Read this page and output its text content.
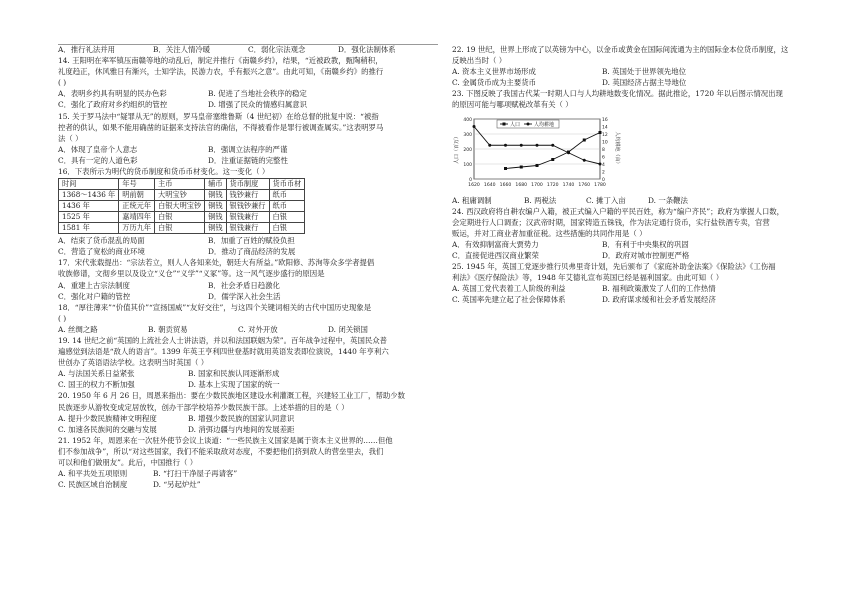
A．推行礼法并用	B．关注人情冷暖	C．弱化宗法观念	D．强化法制体系
14. 王阳明在率军镇压南赣等地的动乱后，制定并推行《南赣乡约》，结果，“近被政教，甄陶稍积，
礼度趋正，休风雅日有渐兴，士知学法，民游力农，乎有振兴之意”。由此可知，《南赣乡约》的推行
( )
A．表明乡约具有明显的民办色彩	B. 促进了当地社会秩序的稳定
C．强化了政府对乡约组织的管控	D. 增强了民众的情感归属意识
15. 关于罗马法中“疑罪从无”的原则，罗马皇帝塞维鲁斯（4 世纪初）在给总督的批复中说：“被指
控者的供认，如果不能用确凿的证据来支持法官的确信，不得被看作是罪行被调查属实。”这表明罗马
法（ ）
A．体现了皇帝个人意志	B．强调立法程序的严谨
C．具有一定的人道色彩	D．注重证据链的完整性
16．下表所示为明代的货币制度和货币币材变化。这一变化（ ）
时间	年号	主币	辅币	货币制度	货币币材
1368～1436 年	明前朝	大明宝钞	铜钱	钱钞兼行	纸币
1436 年	正统元年	白银大明宝钞	铜钱	银钱钞兼行	纸币
1525 年	嘉靖四年	白银	铜钱	银钱兼行	白银
1581 年	万历九年	白银	铜钱	银钱兼行	白银
A．结束了货币混乱的局面	B．加重了百姓的赋役负担
C．营造了宽松的商业环境	D．推动了商品经济的发展
17．宋代张载提出：“宗法若立，则人人各知来处，朝廷大有所益。”欧阳修、苏洵等众多学者提倡
收族修谱，文彻乡里以及设立“义仓”“义学”“义冢”等。这一风气逐步盛行的原因是
A．重建上古宗法制度	B．社会矛盾日趋激化
C．强化对户籍的管控	D．儒学深入社会生活
18．“厚往薄来”“价值其价”“宣扬国威”“友好交往”，与这四个关键词相关的古代中国历史现象是
( )
A. 丝绸之路	B. 朝贡贸易	C. 对外开放	D. 闭关锁国
19. 14 世纪之前“英国的上流社会人士讲法语，并以和法国联姻为荣”。百年战争过程中，英国民众普
遍感觉到法语是“敌人的语言”。1399 年英王亨利四世登基时就用英语发表即位演说，1440 年亨利六
世创办了英语语法学校。这表明当时英国（ ）
A. 与法国关系日益紧张	B. 国家和民族认同逐渐形成
C. 国王的权力不断加强	D. 基本上实现了国家的统一
20. 1950 年 6 月 26 日，周恩来指出：要在少数民族地区建设水利灌溉工程，兴建轻工业工厂，帮助少数
民族逐步从游牧变成定居放牧，创办干部学校培养少数民族干部。上述举措的目的是（ ）
A. 提升少数民族精神文明程度	B. 增强少数民族的国家认同意识
C. 加速各民族间的交融与发展	D. 消弭边疆与内地间的发展差距
21. 1952 年，周恩来在一次驻外使节会议上谈道：“一些民族主义国家是属于资本主义世界的……但他
们不参加战争”，所以“对这些国家，我们不能采取敌对态度，不要把他们挤到敌人的营垒里去，我们
可以和他们做朋友”。此后，中国推行（ ）
A. 和平共处五项原则	B. “打扫干净屋子再请客”
C. 民族区域自治制度	D. “另起炉灶”
22. 19 世纪，世界上形成了以英镑为中心，以金币或黄金在国际间流通为主的国际金本位货币制度，这
反映出当时（ ）
A. 资本主义世界市场形成	B. 英国处于世界领先地位
C. 金属货币成为主要货币	D. 英国经济占据主导地位
23. 下图反映了我国古代某一时期人口与人均耕地数变化情况。据此推论，1720 年以后图示情况出现
的原因可能与哪项赋税改革有关（ ）
0
100
200
300
400
0
2
4
6
8
10
12
14
16
1620 1640 1660 1680 1700 1720 1740 1760 1780
人口（百万）	人均耕地（亩）
人口	人均耕地
A. 租庸调制	B. 两税法	C. 摊丁入亩	D. 一条鞭法
24. 西汉政府将自耕农编户入籍，被正式编入户籍的平民百姓，称为“编户齐民”；政府为掌握人口数，
会定期进行人口调查；汉武帝时期，国家铸造五铢钱，作为法定通行货币，实行盐铁酒专卖，官营
贩运，并对工商业者加重征税。这些措施的共同作用是（ ）
A．有效抑制富商大贾势力	B．有利于中央集权的巩固
C．直接促进西汉商业繁荣	D．政府对城市控制更严格
25. 1945 年，英国工党逐步推行贝弗里奇计划，先后颁布了《家庭补助金法案》《保险法》《工伤福
利法》《医疗保险法》等，1948 年艾德礼宣布英国已经是福利国家。由此可知（ ）
A. 英国工党代表着工人阶级的利益	B. 福利政策激发了人们的工作热情
C. 英国率先建立起了社会保障体系	D. 政府谋求缓和社会矛盾发展经济
